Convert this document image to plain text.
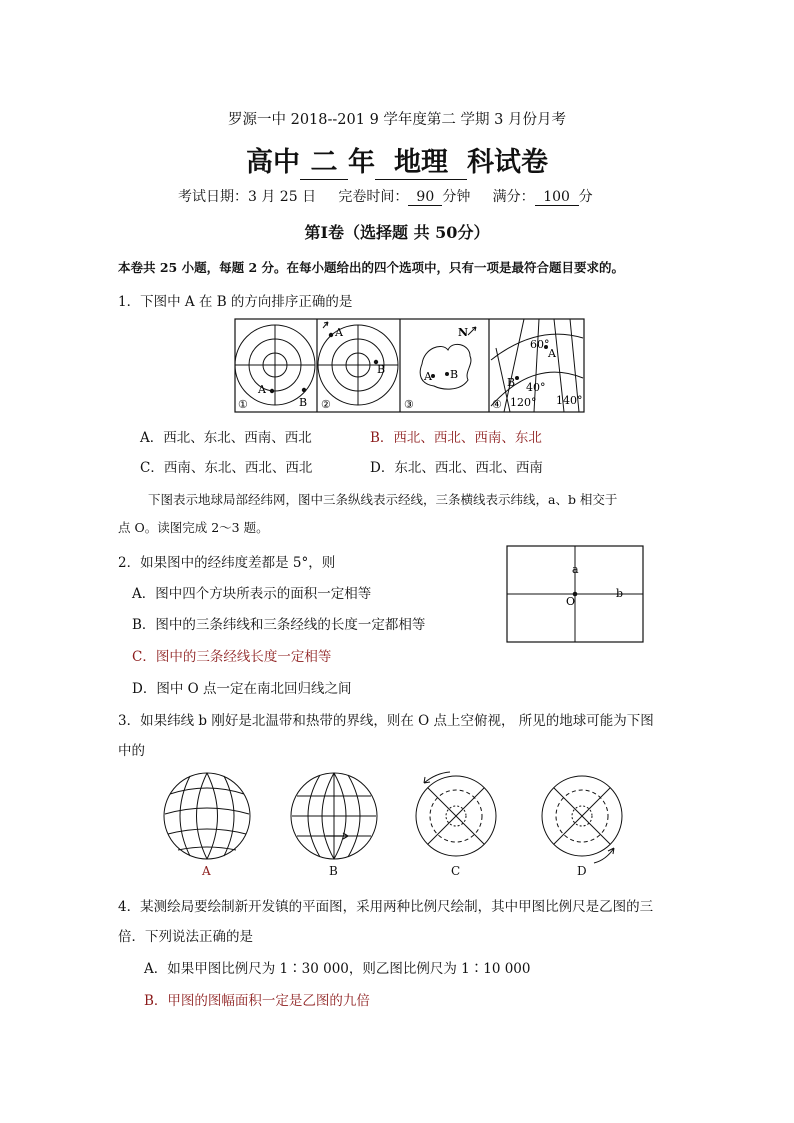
罗源一中 2018--201 9 学年度第二 学期 3 月份月考
高中 二 年 地理 科试卷
考试日期：3 月 25 日 完卷时间： 90 分钟 满分： 100 分
第Ⅰ卷（选择题 共 50分）
本卷共 25 小题，每题 2 分。在每小题给出的四个选项中，只有一项是最符合题目要求的。
1．下图中 A 在 B 的方向排序正确的是
A
B
①
A
B
②
A B
N
③
60°
A
B 40°
120° 140°
④
A．西北、东北、西南、西北	B．西北、西北、西南、东北
C．西南、东北、西北、西北	D．东北、西北、西北、西南
下图表示地球局部经纬网，图中三条纵线表示经线，三条横线表示纬线，a、b 相交于
点 O。读图完成 2～3 题。
2．如果图中的经纬度差都是 5°，则	a
b
O
A．图中四个方块所表示的面积一定相等
B．图中的三条纬线和三条经线的长度一定都相等
C．图中的三条经线长度一定相等
D．图中 O 点一定在南北回归线之间
3．如果纬线 b 刚好是北温带和热带的界线，则在 O 点上空俯视， 所见的地球可能为下图
中的
A	B	C	D
4．某测绘局要绘制新开发镇的平面图，采用两种比例尺绘制，其中甲图比例尺是乙图的三
倍．下列说法正确的是
A．如果甲图比例尺为 1∶30 000，则乙图比例尺为 1∶10 000
B．甲图的图幅面积一定是乙图的九倍
